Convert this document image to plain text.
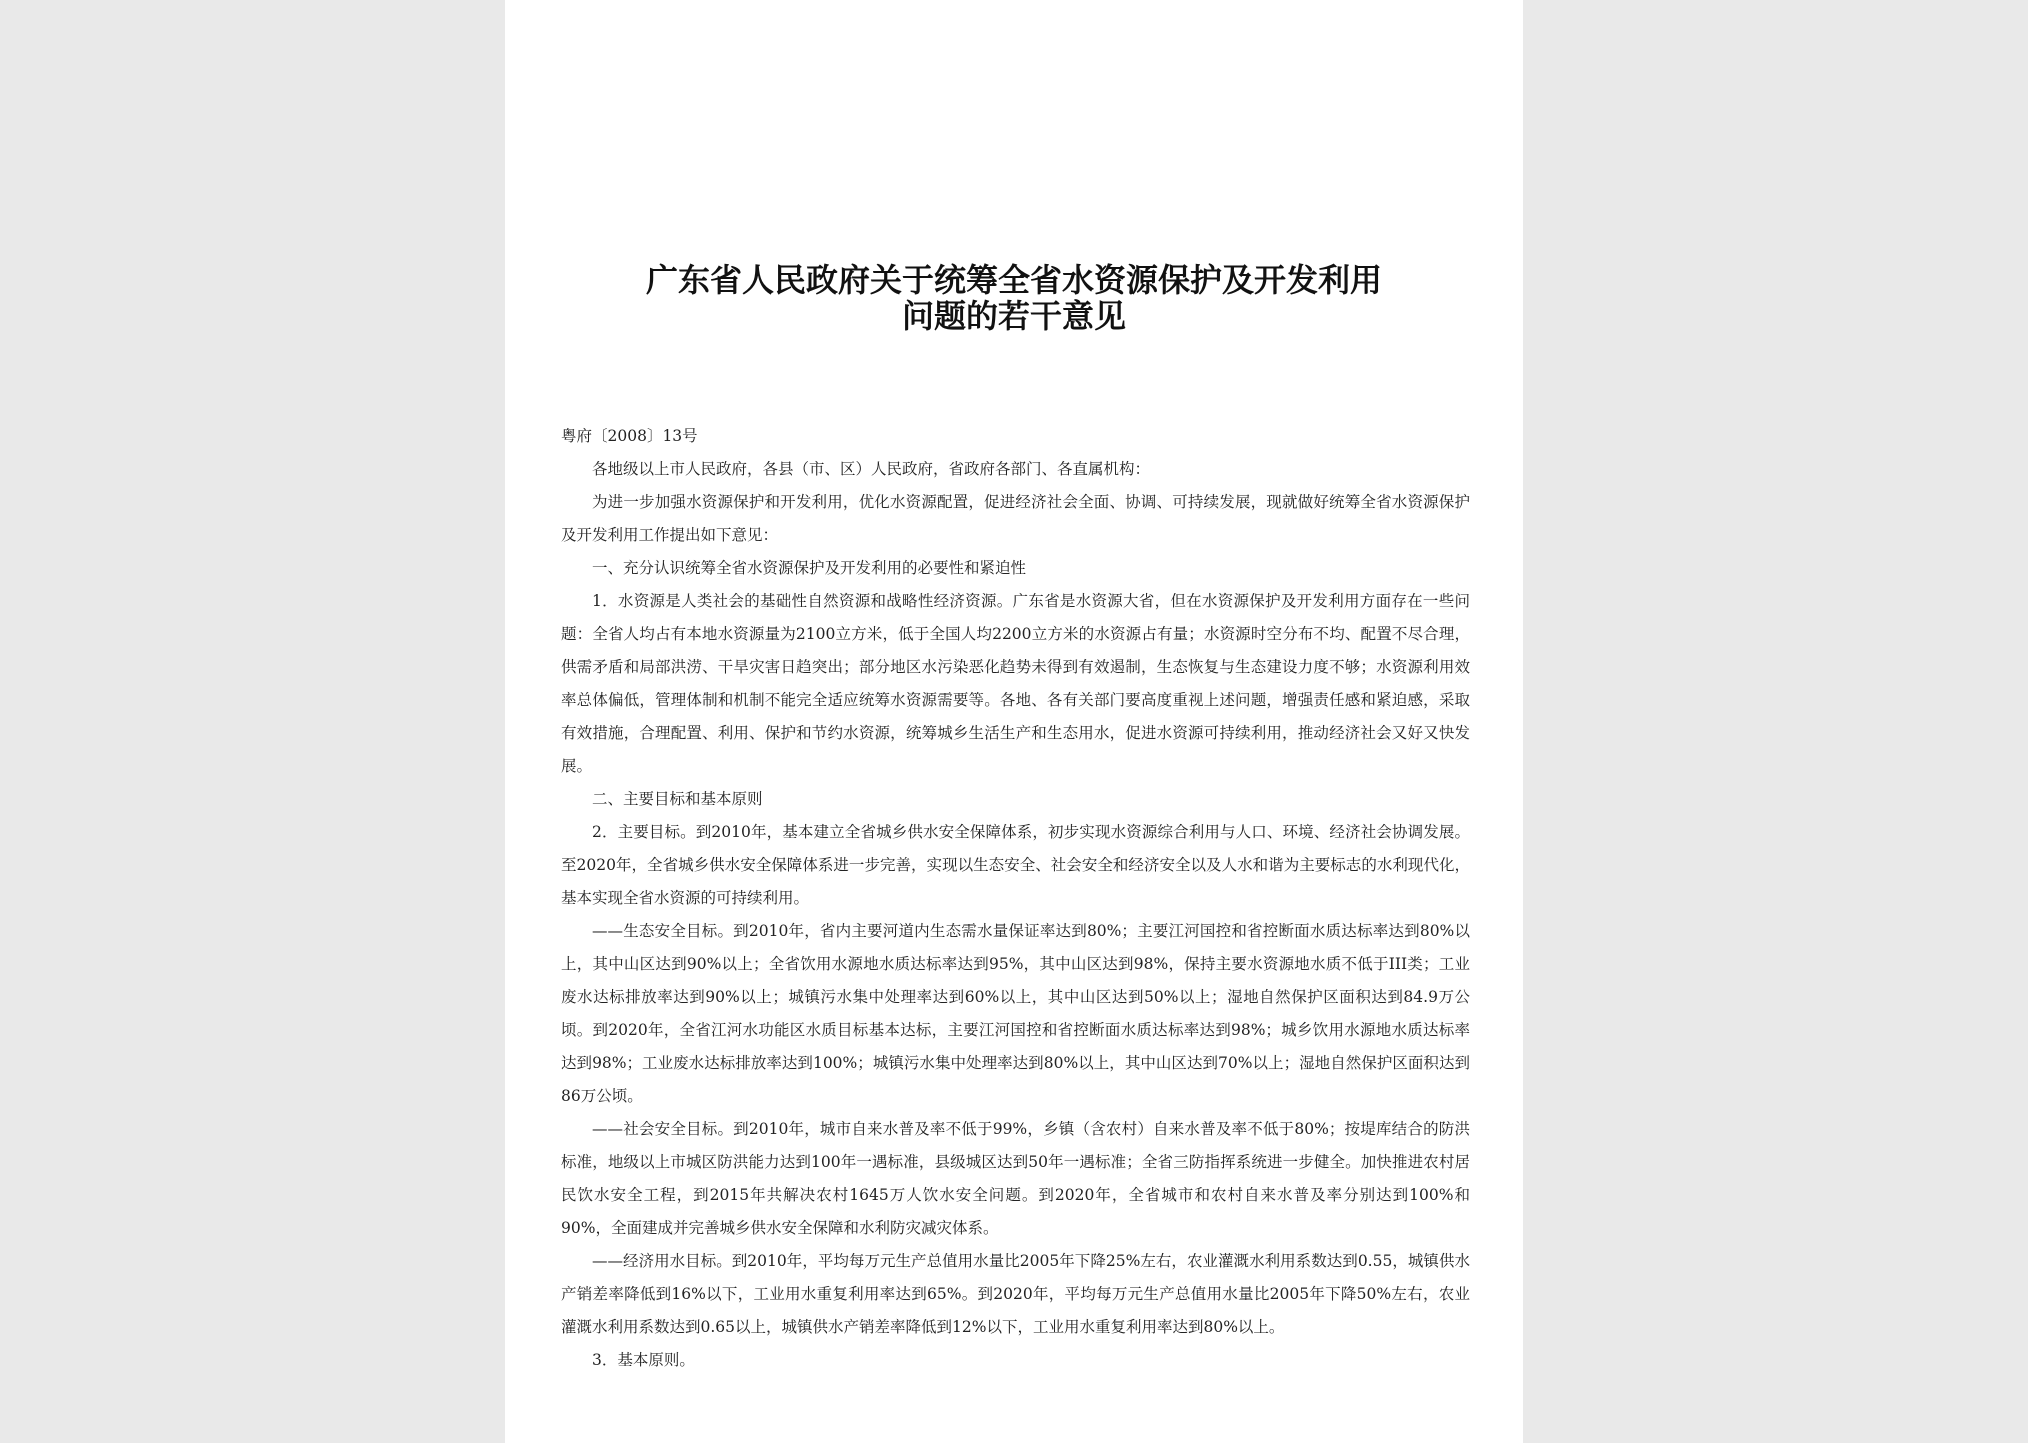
广东省人民政府关于统筹全省水资源保护及开发利用
问题的若干意见

粤府〔2008〕13号

各地级以上市人民政府，各县（市、区）人民政府，省政府各部门、各直属机构：

为进一步加强水资源保护和开发利用，优化水资源配置，促进经济社会全面、协调、可持续发展，现就做好统筹全省水资源保护及开发利用工作提出如下意见：

一、充分认识统筹全省水资源保护及开发利用的必要性和紧迫性

1．水资源是人类社会的基础性自然资源和战略性经济资源。广东省是水资源大省，但在水资源保护及开发利用方面存在一些问题：全省人均占有本地水资源量为2100立方米，低于全国人均2200立方米的水资源占有量；水资源时空分布不均、配置不尽合理，供需矛盾和局部洪涝、干旱灾害日趋突出；部分地区水污染恶化趋势未得到有效遏制，生态恢复与生态建设力度不够；水资源利用效率总体偏低，管理体制和机制不能完全适应统筹水资源需要等。各地、各有关部门要高度重视上述问题，增强责任感和紧迫感，采取有效措施，合理配置、利用、保护和节约水资源，统筹城乡生活生产和生态用水，促进水资源可持续利用，推动经济社会又好又快发展。

二、主要目标和基本原则

2．主要目标。到2010年，基本建立全省城乡供水安全保障体系，初步实现水资源综合利用与人口、环境、经济社会协调发展。至2020年，全省城乡供水安全保障体系进一步完善，实现以生态安全、社会安全和经济安全以及人水和谐为主要标志的水利现代化，基本实现全省水资源的可持续利用。

——生态安全目标。到2010年，省内主要河道内生态需水量保证率达到80%；主要江河国控和省控断面水质达标率达到80%以上，其中山区达到90%以上；全省饮用水源地水质达标率达到95%，其中山区达到98%，保持主要水资源地水质不低于III类；工业废水达标排放率达到90%以上；城镇污水集中处理率达到60%以上，其中山区达到50%以上；湿地自然保护区面积达到84.9万公顷。到2020年，全省江河水功能区水质目标基本达标，主要江河国控和省控断面水质达标率达到98%；城乡饮用水源地水质达标率达到98%；工业废水达标排放率达到100%；城镇污水集中处理率达到80%以上，其中山区达到70%以上；湿地自然保护区面积达到86万公顷。

——社会安全目标。到2010年，城市自来水普及率不低于99%，乡镇（含农村）自来水普及率不低于80%；按堤库结合的防洪标准，地级以上市城区防洪能力达到100年一遇标准，县级城区达到50年一遇标准；全省三防指挥系统进一步健全。加快推进农村居民饮水安全工程，到2015年共解决农村1645万人饮水安全问题。到2020年，全省城市和农村自来水普及率分别达到100%和90%，全面建成并完善城乡供水安全保障和水利防灾减灾体系。

——经济用水目标。到2010年，平均每万元生产总值用水量比2005年下降25%左右，农业灌溉水利用系数达到0.55，城镇供水产销差率降低到16%以下，工业用水重复利用率达到65%。到2020年，平均每万元生产总值用水量比2005年下降50%左右，农业灌溉水利用系数达到0.65以上，城镇供水产销差率降低到12%以下，工业用水重复利用率达到80%以上。

3．基本原则。
